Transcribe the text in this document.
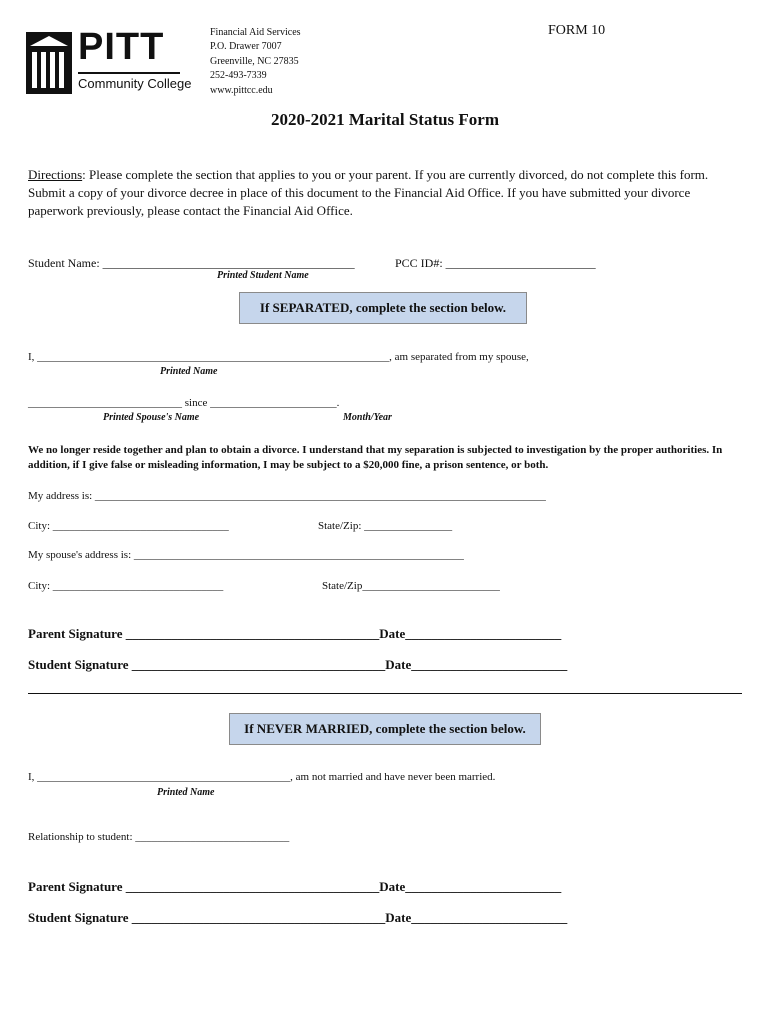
PITT
Community College
Financial Aid Services
P.O. Drawer 7007
Greenville, NC 27835
252-493-7339
www.pittcc.edu
FORM 10
2020-2021 Marital Status Form
Directions: Please complete the section that applies to you or your parent. If you are currently divorced, do not complete this form. Submit a copy of your divorce decree in place of this document to the Financial Aid Office. If you have submitted your divorce paperwork previously, please contact the Financial Aid Office.
Student Name: __________________________________________	PCC ID#: _________________________
Printed Student Name
If SEPARATED, complete the section below.
I, ________________________________________________________________, am separated from my spouse,
Printed Name
____________________________ since _______________________.
Printed Spouse's Name	Month/Year
We no longer reside together and plan to obtain a divorce. I understand that my separation is subjected to investigation by the proper authorities. In addition, if I give false or misleading information, I may be subject to a $20,000 fine, a prison sentence, or both.
My address is: __________________________________________________________________________________
City: ________________________________	State/Zip: ________________
My spouse's address is: ____________________________________________________________
City: _______________________________	State/Zip_________________________
Parent Signature _______________________________________Date________________________
Student Signature _______________________________________Date________________________
If NEVER MARRIED, complete the section below.
I, ______________________________________________, am not married and have never been married.
Printed Name
Relationship to student: ____________________________
Parent Signature _______________________________________Date________________________
Student Signature _______________________________________Date________________________
